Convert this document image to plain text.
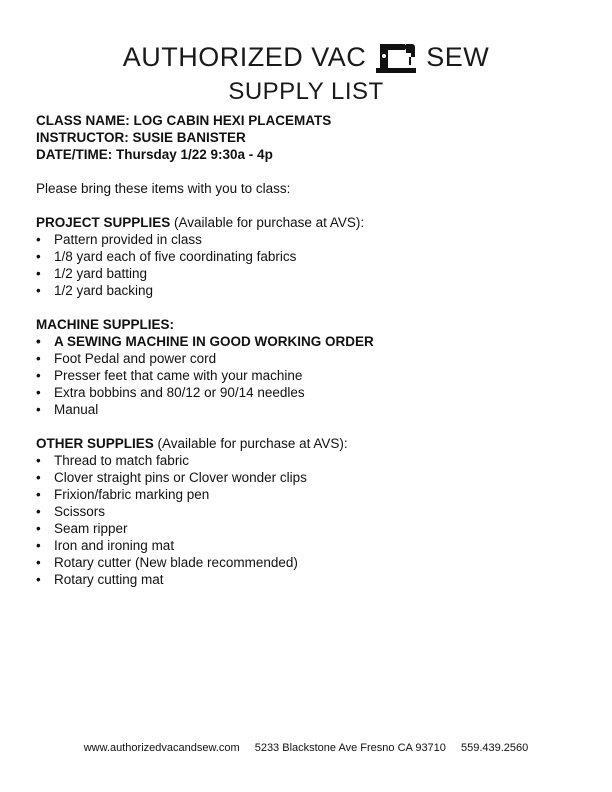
AUTHORIZED VAC SEW
SUPPLY LIST
CLASS NAME: LOG CABIN HEXI PLACEMATS
INSTRUCTOR: SUSIE BANISTER
DATE/TIME: Thursday 1/22 9:30a - 4p
Please bring these items with you to class:
PROJECT SUPPLIES (Available for purchase at AVS):
• Pattern provided in class
• 1/8 yard each of five coordinating fabrics
• 1/2 yard batting
• 1/2 yard backing
MACHINE SUPPLIES:
• A SEWING MACHINE IN GOOD WORKING ORDER
• Foot Pedal and power cord
• Presser feet that came with your machine
• Extra bobbins and 80/12 or 90/14 needles
• Manual
OTHER SUPPLIES (Available for purchase at AVS):
• Thread to match fabric
• Clover straight pins or Clover wonder clips
• Frixion/fabric marking pen
• Scissors
• Seam ripper
• Iron and ironing mat
• Rotary cutter (New blade recommended)
• Rotary cutting mat
www.authorizedvacandsew.com 5233 Blackstone Ave Fresno CA 93710 559.439.2560
